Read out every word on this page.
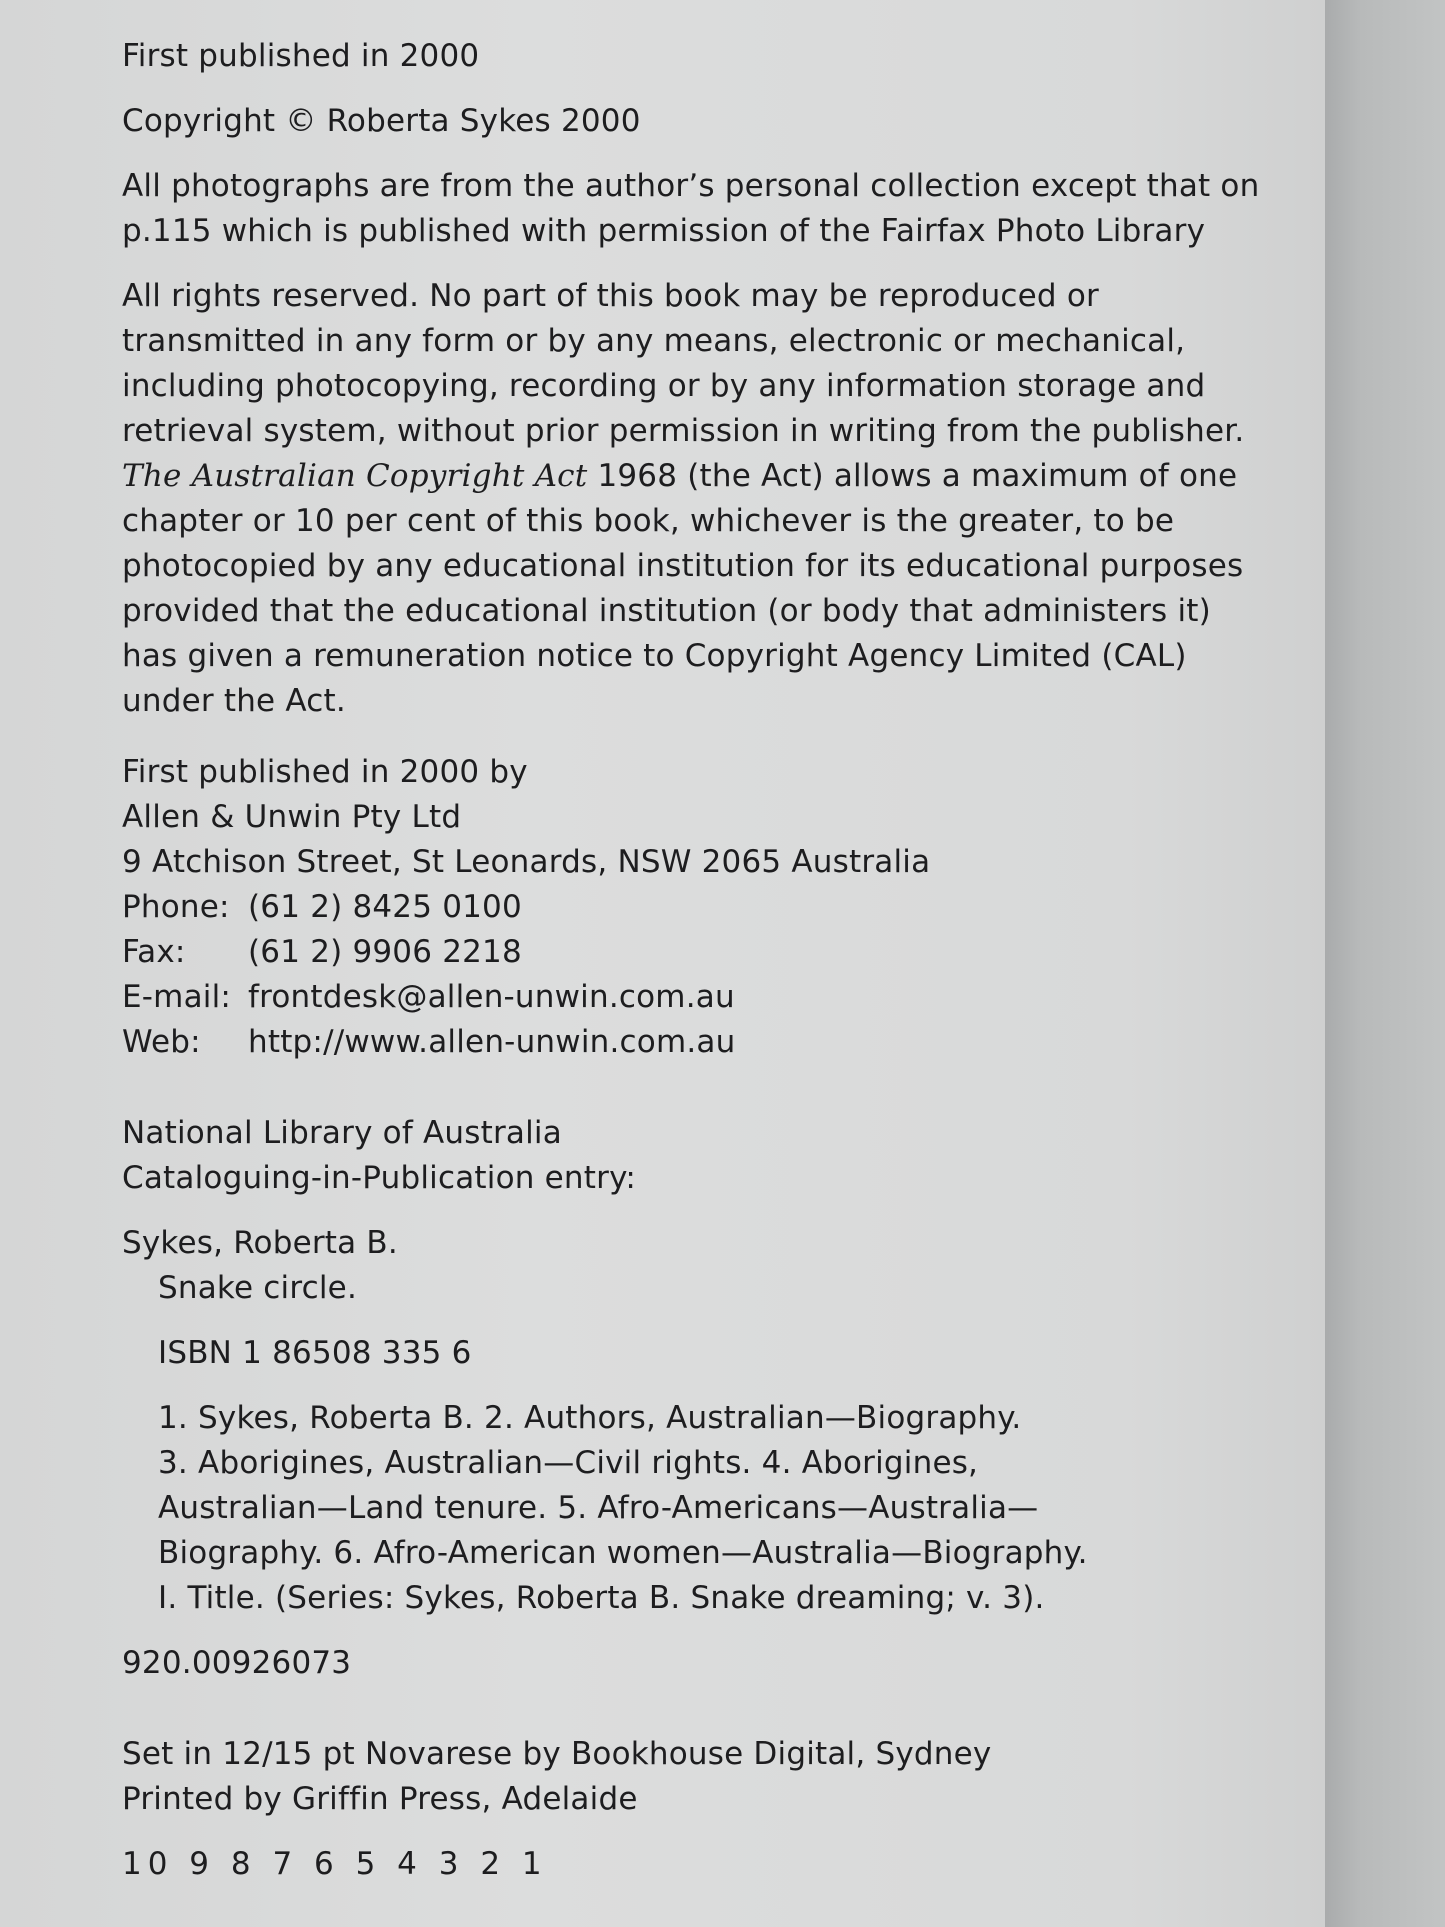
First published in 2000
Copyright © Roberta Sykes 2000
All photographs are from the author’s personal collection except that on
p.115 which is published with permission of the Fairfax Photo Library
All rights reserved. No part of this book may be reproduced or
transmitted in any form or by any means, electronic or mechanical,
including photocopying, recording or by any information storage and
retrieval system, without prior permission in writing from the publisher.
The Australian Copyright Act 1968 (the Act) allows a maximum of one
chapter or 10 per cent of this book, whichever is the greater, to be
photocopied by any educational institution for its educational purposes
provided that the educational institution (or body that administers it)
has given a remuneration notice to Copyright Agency Limited (CAL)
under the Act.
First published in 2000 by
Allen & Unwin Pty Ltd
9 Atchison Street, St Leonards, NSW 2065 Australia
Phone: (61 2) 8425 0100
Fax:	(61 2) 9906 2218
E-mail: frontdesk@allen-unwin.com.au
Web:	http://www.allen-unwin.com.au
National Library of Australia
Cataloguing-in-Publication entry:
Sykes, Roberta B.
Snake circle.
ISBN 1 86508 335 6
1. Sykes, Roberta B. 2. Authors, Australian—Biography.
3. Aborigines, Australian—Civil rights. 4. Aborigines,
Australian—Land tenure. 5. Afro-Americans—Australia—
Biography. 6. Afro-American women—Australia—Biography.
I. Title. (Series: Sykes, Roberta B. Snake dreaming; v. 3).
920.00926073
Set in 12/15 pt Novarese by Bookhouse Digital, Sydney
Printed by Griffin Press, Adelaide
10 9 8 7 6 5 4 3 2 1
